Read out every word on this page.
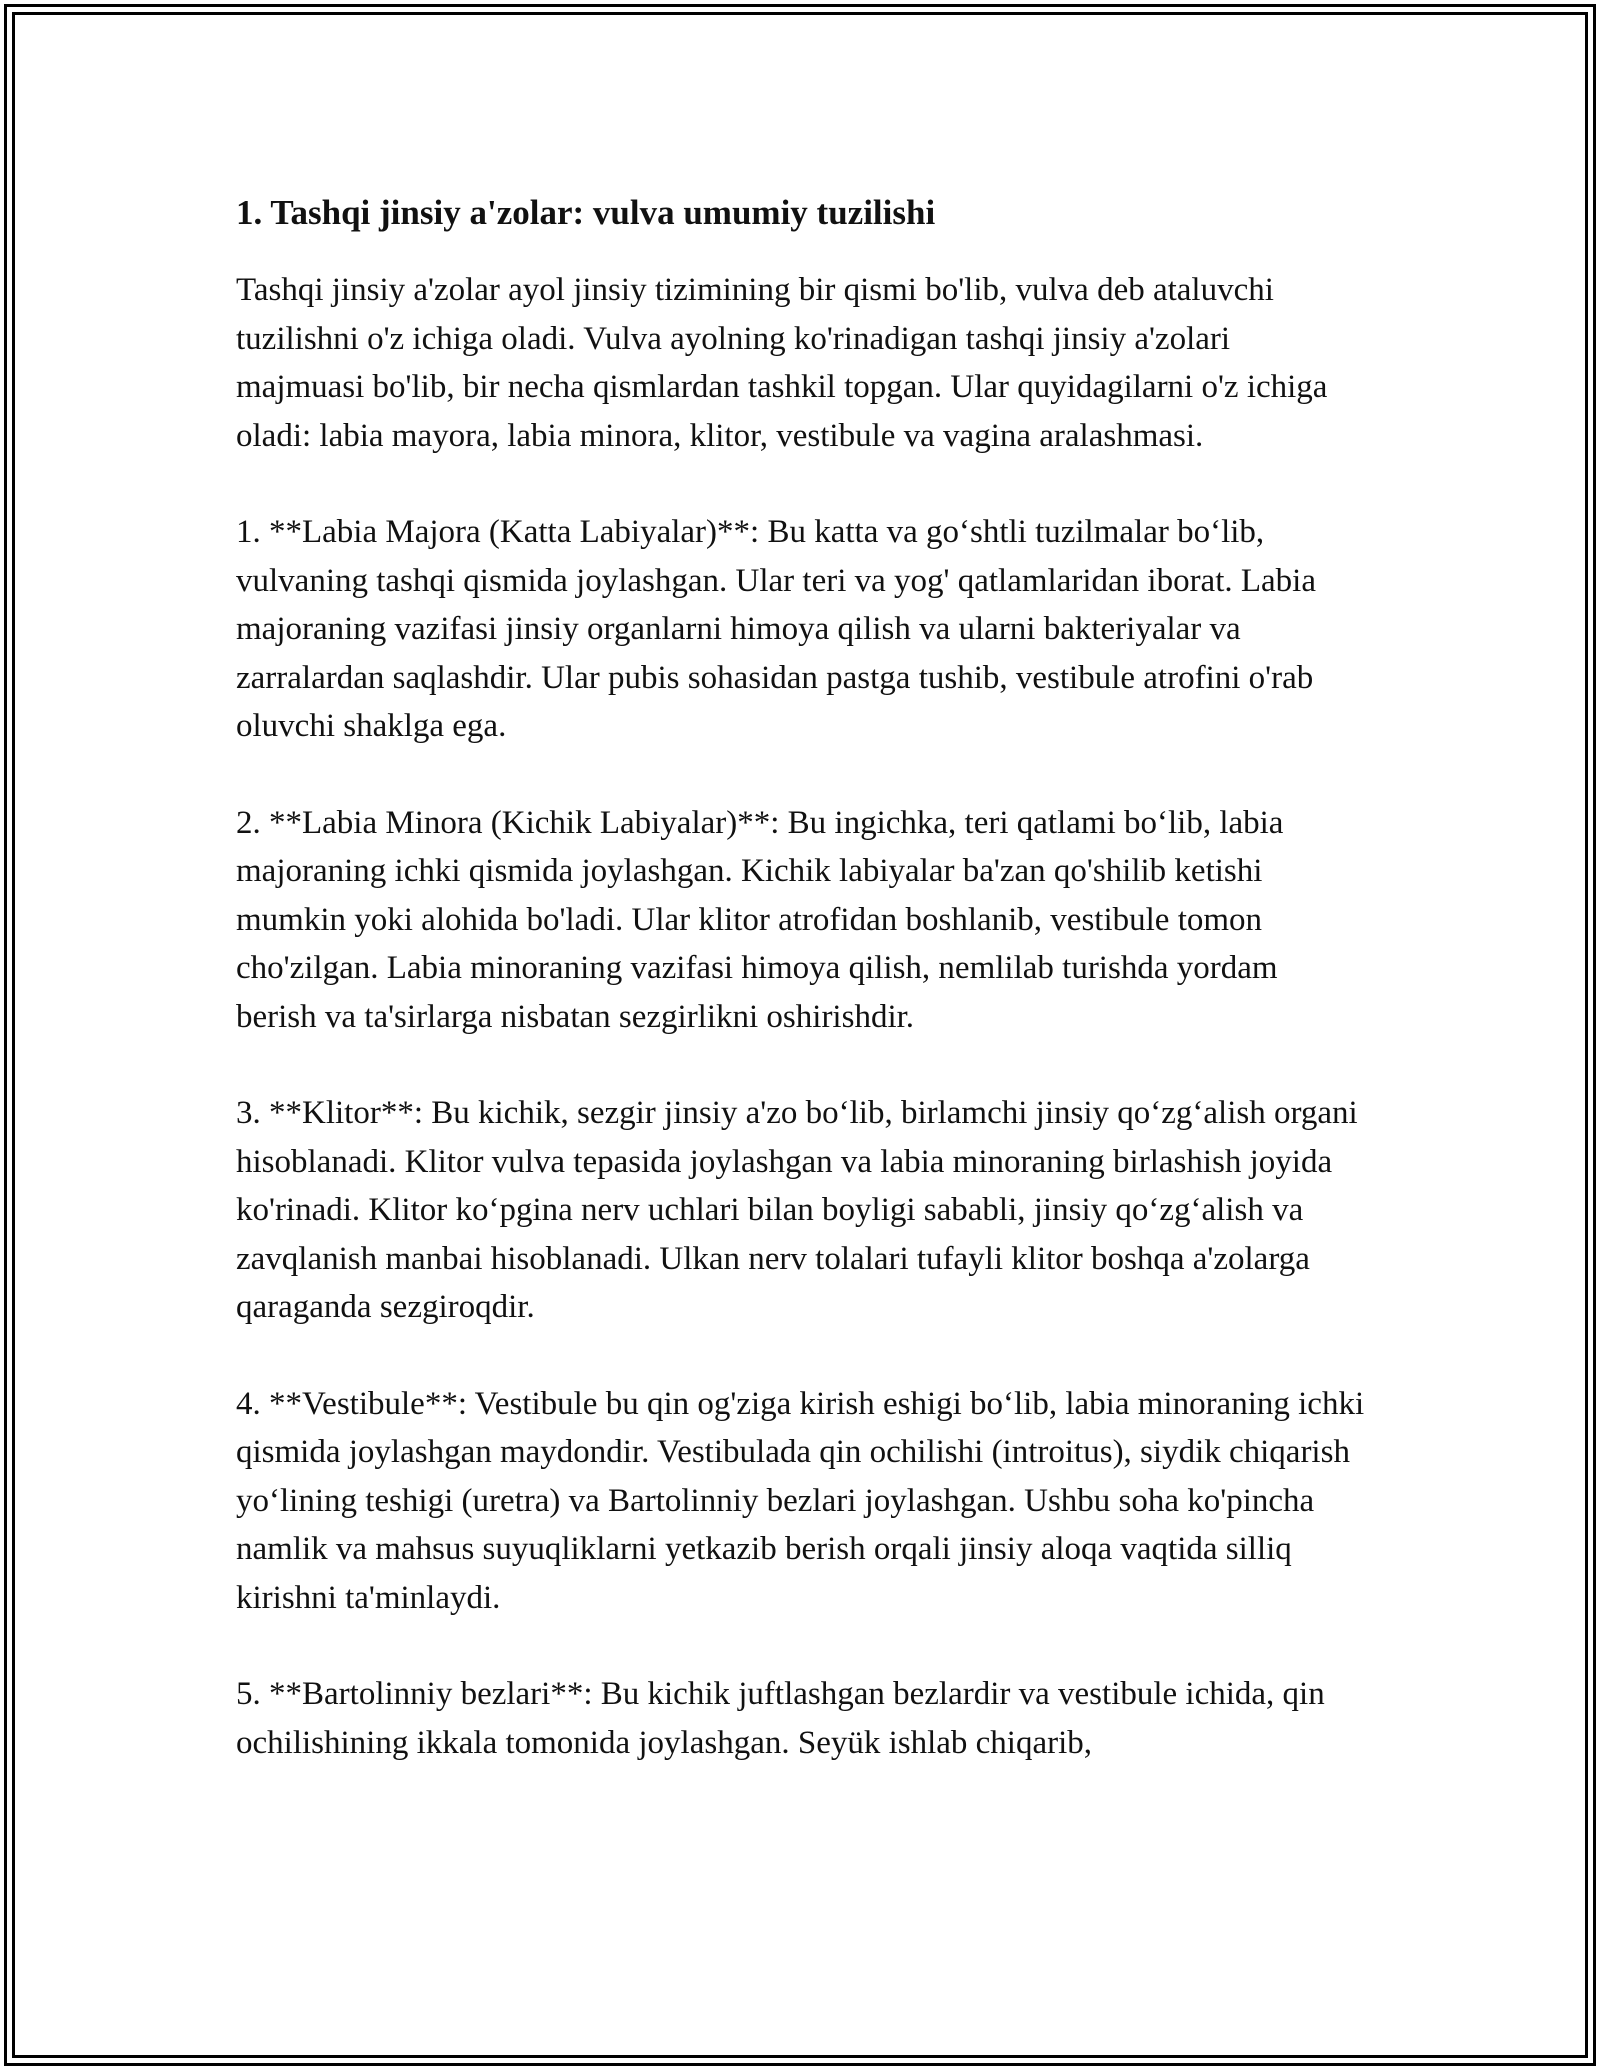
1. Tashqi jinsiy a'zolar: vulva umumiy tuzilishi

Tashqi jinsiy a'zolar ayol jinsiy tizimining bir qismi bo'lib, vulva deb ataluvchi tuzilishni o'z ichiga oladi. Vulva ayolning ko'rinadigan tashqi jinsiy a'zolari majmuasi bo'lib, bir necha qismlardan tashkil topgan. Ular quyidagilarni o'z ichiga oladi: labia mayora, labia minora, klitor, vestibule va vagina aralashmasi.

1. **Labia Majora (Katta Labiyalar)**: Bu katta va go‘shtli tuzilmalar bo‘lib, vulvaning tashqi qismida joylashgan. Ular teri va yog' qatlamlaridan iborat. Labia majoraning vazifasi jinsiy organlarni himoya qilish va ularni bakteriyalar va zarralardan saqlashdir. Ular pubis sohasidan pastga tushib, vestibule atrofini o'rab oluvchi shaklga ega.

2. **Labia Minora (Kichik Labiyalar)**: Bu ingichka, teri qatlami bo‘lib, labia majoraning ichki qismida joylashgan. Kichik labiyalar ba'zan qo'shilib ketishi mumkin yoki alohida bo'ladi. Ular klitor atrofidan boshlanib, vestibule tomon cho'zilgan. Labia minoraning vazifasi himoya qilish, nemlilab turishda yordam berish va ta'sirlarga nisbatan sezgirlikni oshirishdir.

3. **Klitor**: Bu kichik, sezgir jinsiy a'zo bo‘lib, birlamchi jinsiy qo‘zg‘alish organi hisoblanadi. Klitor vulva tepasida joylashgan va labia minoraning birlashish joyida ko'rinadi. Klitor ko‘pgina nerv uchlari bilan boyligi sababli, jinsiy qo‘zg‘alish va zavqlanish manbai hisoblanadi. Ulkan nerv tolalari tufayli klitor boshqa a'zolarga qaraganda sezgiroqdir.

4. **Vestibule**: Vestibule bu qin og'ziga kirish eshigi bo‘lib, labia minoraning ichki qismida joylashgan maydondir. Vestibulada qin ochilishi (introitus), siydik chiqarish yo‘lining teshigi (uretra) va Bartolinniy bezlari joylashgan. Ushbu soha ko'pincha namlik va mahsus suyuqliklarni yetkazib berish orqali jinsiy aloqa vaqtida silliq kirishni ta'minlaydi.

5. **Bartolinniy bezlari**: Bu kichik juftlashgan bezlardir va vestibule ichida, qin ochilishining ikkala tomonida joylashgan. Seyük ishlab chiqarib,
